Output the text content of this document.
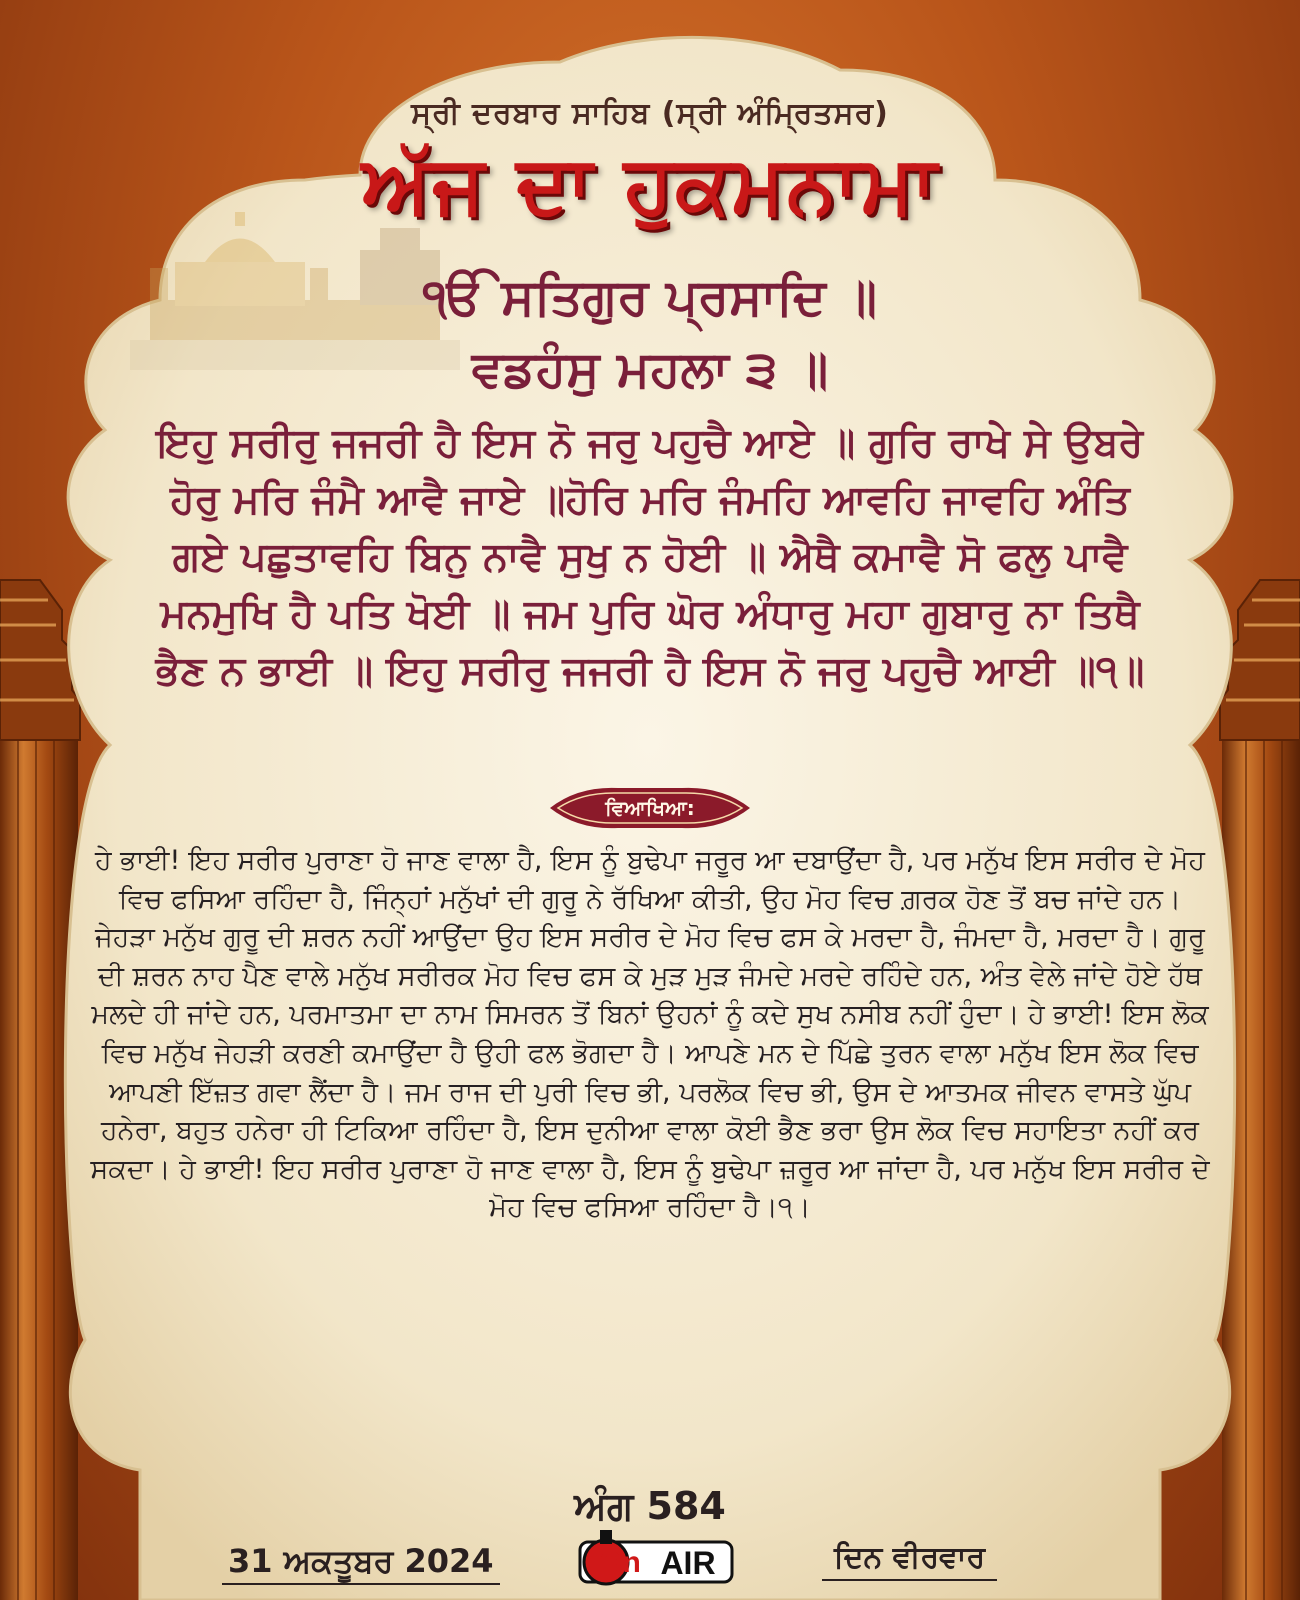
ਸ੍ਰੀ ਦਰਬਾਰ ਸਾਹਿਬ (ਸ੍ਰੀ ਅੰਮ੍ਰਿਤਸਰ)
ਅੱਜ ਦਾ ਹੁਕਮਨਾਮਾ
ੴ ਸਤਿਗੁਰ ਪ੍ਰਸਾਦਿ ॥
ਵਡਹੰਸੁ ਮਹਲਾ ੩ ॥
ਇਹੁ ਸਰੀਰੁ ਜਜਰੀ ਹੈ ਇਸ ਨੋ ਜਰੁ ਪਹੁਚੈ ਆਏ ॥ ਗੁਰਿ ਰਾਖੇ ਸੇ ਉਬਰੇ ਹੋਰੁ ਮਰਿ ਜੰਮੈ ਆਵੈ ਜਾਏ ॥ਹੋਰਿ ਮਰਿ ਜੰਮਹਿ ਆਵਹਿ ਜਾਵਹਿ ਅੰਤਿ ਗਏ ਪਛੁਤਾਵਹਿ ਬਿਨੁ ਨਾਵੈ ਸੁਖੁ ਨ ਹੋਈ ॥ ਐਥੈ ਕਮਾਵੈ ਸੋ ਫਲੁ ਪਾਵੈ ਮਨਮੁਖਿ ਹੈ ਪਤਿ ਖੋਈ ॥ ਜਮ ਪੁਰਿ ਘੋਰ ਅੰਧਾਰੁ ਮਹਾ ਗੁਬਾਰੁ ਨਾ ਤਿਥੈ ਭੈਣ ਨ ਭਾਈ ॥ ਇਹੁ ਸਰੀਰੁ ਜਜਰੀ ਹੈ ਇਸ ਨੋ ਜਰੁ ਪਹੁਚੈ ਆਈ ॥੧॥
ਵਿਆਖਿਆ:
ਹੇ ਭਾਈ! ਇਹ ਸਰੀਰ ਪੁਰਾਣਾ ਹੋ ਜਾਣ ਵਾਲਾ ਹੈ, ਇਸ ਨੂੰ ਬੁਢੇਪਾ ਜਰੂਰ ਆ ਦਬਾਉਂਦਾ ਹੈ, ਪਰ ਮਨੁੱਖ ਇਸ ਸਰੀਰ ਦੇ ਮੋਹ ਵਿਚ ਫਸਿਆ ਰਹਿੰਦਾ ਹੈ, ਜਿੰਨ੍ਹਾਂ ਮਨੁੱਖਾਂ ਦੀ ਗੁਰੂ ਨੇ ਰੱਖਿਆ ਕੀਤੀ, ਉਹ ਮੋਹ ਵਿਚ ਗ਼ਰਕ ਹੋਣ ਤੋਂ ਬਚ ਜਾਂਦੇ ਹਨ। ਜੇਹੜਾ ਮਨੁੱਖ ਗੁਰੂ ਦੀ ਸ਼ਰਨ ਨਹੀਂ ਆਉਂਦਾ ਉਹ ਇਸ ਸਰੀਰ ਦੇ ਮੋਹ ਵਿਚ ਫਸ ਕੇ ਮਰਦਾ ਹੈ, ਜੰਮਦਾ ਹੈ, ਮਰਦਾ ਹੈ। ਗੁਰੂ ਦੀ ਸ਼ਰਨ ਨਾਹ ਪੈਣ ਵਾਲੇ ਮਨੁੱਖ ਸਰੀਰਕ ਮੋਹ ਵਿਚ ਫਸ ਕੇ ਮੁੜ ਮੁੜ ਜੰਮਦੇ ਮਰਦੇ ਰਹਿੰਦੇ ਹਨ, ਅੰਤ ਵੇਲੇ ਜਾਂਦੇ ਹੋਏ ਹੱਥ ਮਲਦੇ ਹੀ ਜਾਂਦੇ ਹਨ, ਪਰਮਾਤਮਾ ਦਾ ਨਾਮ ਸਿਮਰਨ ਤੋਂ ਬਿਨਾਂ ਉਹਨਾਂ ਨੂੰ ਕਦੇ ਸੁਖ ਨਸੀਬ ਨਹੀਂ ਹੁੰਦਾ। ਹੇ ਭਾਈ! ਇਸ ਲੋਕ ਵਿਚ ਮਨੁੱਖ ਜੇਹੜੀ ਕਰਣੀ ਕਮਾਉਂਦਾ ਹੈ ਉਹੀ ਫਲ ਭੋਗਦਾ ਹੈ। ਆਪਣੇ ਮਨ ਦੇ ਪਿੱਛੇ ਤੁਰਨ ਵਾਲਾ ਮਨੁੱਖ ਇਸ ਲੋਕ ਵਿਚ ਆਪਣੀ ਇੱਜ਼ਤ ਗਵਾ ਲੈਂਦਾ ਹੈ। ਜਮ ਰਾਜ ਦੀ ਪੁਰੀ ਵਿਚ ਭੀ, ਪਰਲੋਕ ਵਿਚ ਭੀ, ਉਸ ਦੇ ਆਤਮਕ ਜੀਵਨ ਵਾਸਤੇ ਘੁੱਪ ਹਨੇਰਾ, ਬਹੁਤ ਹਨੇਰਾ ਹੀ ਟਿਕਿਆ ਰਹਿੰਦਾ ਹੈ, ਇਸ ਦੁਨੀਆ ਵਾਲਾ ਕੋਈ ਭੈਣ ਭਰਾ ਉਸ ਲੋਕ ਵਿਚ ਸਹਾਇਤਾ ਨਹੀਂ ਕਰ ਸਕਦਾ। ਹੇ ਭਾਈ! ਇਹ ਸਰੀਰ ਪੁਰਾਣਾ ਹੋ ਜਾਣ ਵਾਲਾ ਹੈ, ਇਸ ਨੂੰ ਬੁਢੇਪਾ ਜ਼ਰੂਰ ਆ ਜਾਂਦਾ ਹੈ, ਪਰ ਮਨੁੱਖ ਇਸ ਸਰੀਰ ਦੇ ਮੋਹ ਵਿਚ ਫਸਿਆ ਰਹਿੰਦਾ ਹੈ।੧।
ਅੰਗ 584
31 ਅਕਤੂਬਰ 2024	On AIR	ਦਿਨ ਵੀਰਵਾਰ
